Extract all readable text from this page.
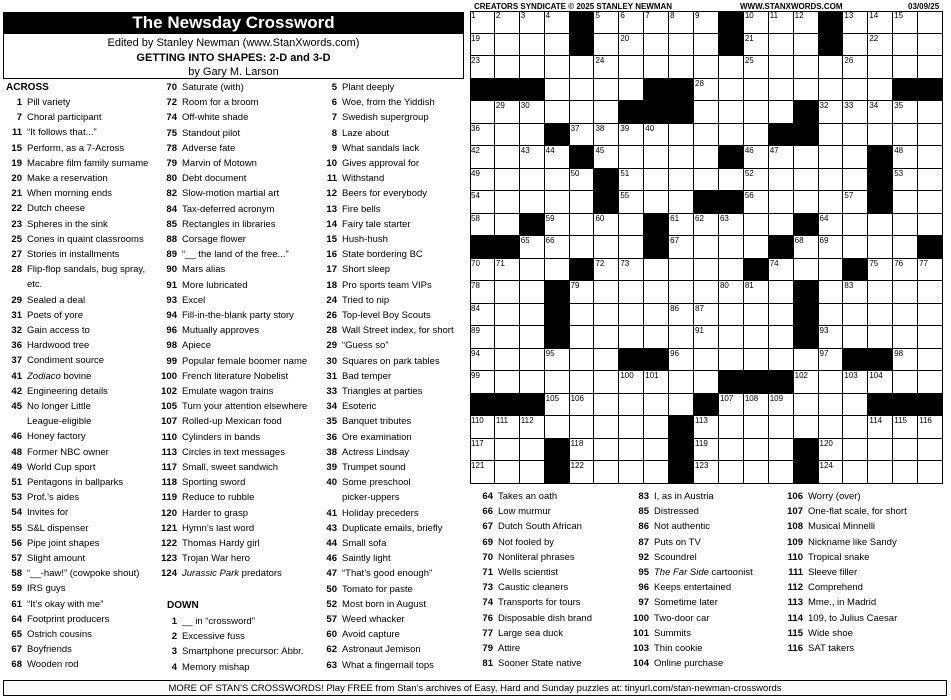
The Newsday Crossword
Edited by Stanley Newman (www.StanXwords.com)
GETTING INTO SHAPES: 2-D and 3-D
by Gary M. Larson
ACROSS
1 Pill variety
7 Choral participant
11 “It follows that...”
15 Perform, as a 7-Across
19 Macabre film family surname
20 Make a reservation
21 When morning ends
22 Dutch cheese
23 Spheres in the sink
25 Cones in quaint classrooms
27 Stories in installments
28 Flip-flop sandals, bug spray,
etc.
29 Sealed a deal
31 Poets of yore
32 Gain access to
36 Hardwood tree
37 Condiment source
41 Zodiaco bovine
42 Engineering details
45 No longer Little
League-eligible
46 Honey factory
48 Former NBC owner
49 World Cup sport
51 Pentagons in ballparks
53 Prof.’s aides
54 Invites for
55 S&L dispenser
56 Pipe joint shapes
57 Slight amount
58 “__-haw!” (cowpoke shout)
59 IRS guys
61 “It’s okay with me”
64 Footprint producers
65 Ostrich cousins
67 Boyfriends
68 Wooden rod
70 Saturate (with)
72 Room for a broom
74 Off-white shade
75 Standout pilot
78 Adverse fate
79 Marvin of Motown
80 Debt document
82 Slow-motion martial art
84 Tax-deferred acronym
85 Rectangles in libraries
88 Corsage flower
89 “__ the land of the free...”
90 Mars alias
91 More lubricated
93 Excel
94 Fill-in-the-blank party story
96 Mutually approves
98 Apiece
99 Popular female boomer name
100 French literature Nobelist
102 Emulate wagon trains
105 Turn your attention elsewhere
107 Rolled-up Mexican food
110 Cylinders in bands
113 Circles in text messages
117 Small, sweet sandwich
118 Sporting sword
119 Reduce to rubble
120 Harder to grasp
121 Hymn’s last word
122 Thomas Hardy girl
123 Trojan War hero
124 Jurassic Park predators
DOWN
1 __ in “crossword”
2 Excessive fuss
3 Smartphone precursor: Abbr.
4 Memory mishap
5 Plant deeply
6 Woe, from the Yiddish
7 Swedish supergroup
8 Laze about
9 What sandals lack
10 Gives approval for
11 Withstand
12 Beers for everybody
13 Fire bells
14 Fairy tale starter
15 Hush-hush
16 State bordering BC
17 Short sleep
18 Pro sports team VIPs
24 Tried to nip
26 Top-level Boy Scouts
28 Wall Street index, for short
29 “Guess so”
30 Squares on park tables
31 Bad temper
33 Triangles at parties
34 Esoteric
35 Banquet tributes
36 Ore examination
38 Actress Lindsay
39 Trumpet sound
40 Some preschool
picker-uppers
41 Holiday preceders
43 Duplicate emails, briefly
44 Small sofa
46 Saintly light
47 “That’s good enough”
50 Tomato for paste
52 Most born in August
57 Weed whacker
60 Avoid capture
62 Astronaut Jemison
63 What a fingernail tops
CREATORS SYNDICATE © 2025 STANLEY NEWMAN	WWW.STANXWORDS.COM	03/09/25
1	2	3	4	5	6	7	8	9	10 11 12	13 14 15
19	20	21	22
23	24	25	26
28
29 30	32 33 34 35
36	37 38 39 40
42	43 44	45	46 47	48
49	50	51	52	53
54	55	56	57
58	59	60	61 62 63	64
65 66	67	68 69
70 71	72 73	74	75 76 77
78	79	80 81	83
84	86 87
89	91	93
94	95	96	97	98
99	100 101	102	103 104
105 106	107 108 109
110 111 112	113	114 115 116
117	118	119	120
121	122	123	124
64 Takes an oath
66 Low murmur
67 Dutch South African
69 Not fooled by
70 Nonliteral phrases
71 Wells scientist
73 Caustic cleaners
74 Transports for tours
76 Disposable dish brand
77 Large sea duck
79 Attire
81 Sooner State native
83 I, as in Austria
85 Distressed
86 Not authentic
87 Puts on TV
92 Scoundrel
95 The Far Side cartoonist
96 Keeps entertained
97 Sometime later
100 Two-door car
101 Summits
103 Thin cookie
104 Online purchase
106 Worry (over)
107 One-flat scale, for short
108 Musical Minnelli
109 Nickname like Sandy
110 Tropical snake
111 Sleeve filler
112 Comprehend
113 Mme., in Madrid
114 109, to Julius Caesar
115 Wide shoe
116 SAT takers
MORE OF STAN'S CROSSWORDS! Play FREE from Stan's archives of Easy, Hard and Sunday puzzles at: tinyurl.com/stan-newman-crosswords
